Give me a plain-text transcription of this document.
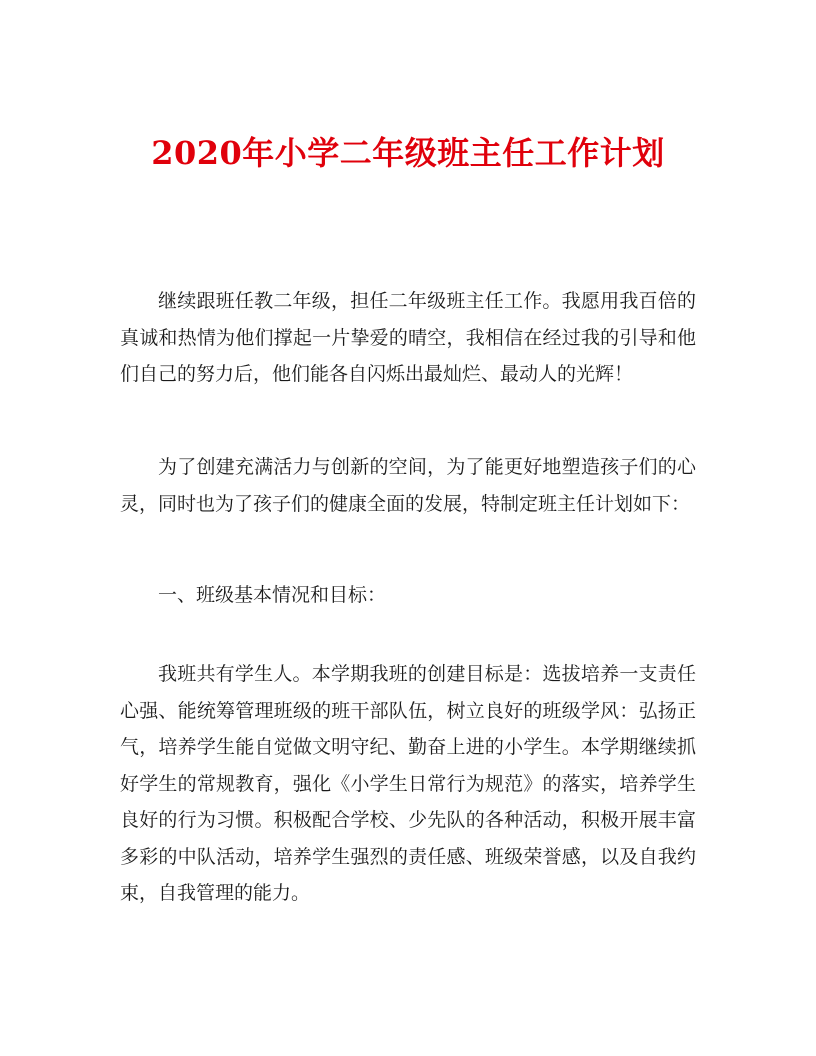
2020年小学二年级班主任工作计划

继续跟班任教二年级，担任二年级班主任工作。我愿用我百倍的真诚和热情为他们撑起一片挚爱的晴空，我相信在经过我的引导和他们自己的努力后，他们能各自闪烁出最灿烂、最动人的光辉！

为了创建充满活力与创新的空间，为了能更好地塑造孩子们的心灵，同时也为了孩子们的健康全面的发展，特制定班主任计划如下：

一、班级基本情况和目标：

我班共有学生人。本学期我班的创建目标是：选拔培养一支责任心强、能统筹管理班级的班干部队伍，树立良好的班级学风：弘扬正气，培养学生能自觉做文明守纪、勤奋上进的小学生。本学期继续抓好学生的常规教育，强化《小学生日常行为规范》的落实，培养学生良好的行为习惯。积极配合学校、少先队的各种活动，积极开展丰富多彩的中队活动，培养学生强烈的责任感、班级荣誉感，以及自我约束，自我管理的能力。
